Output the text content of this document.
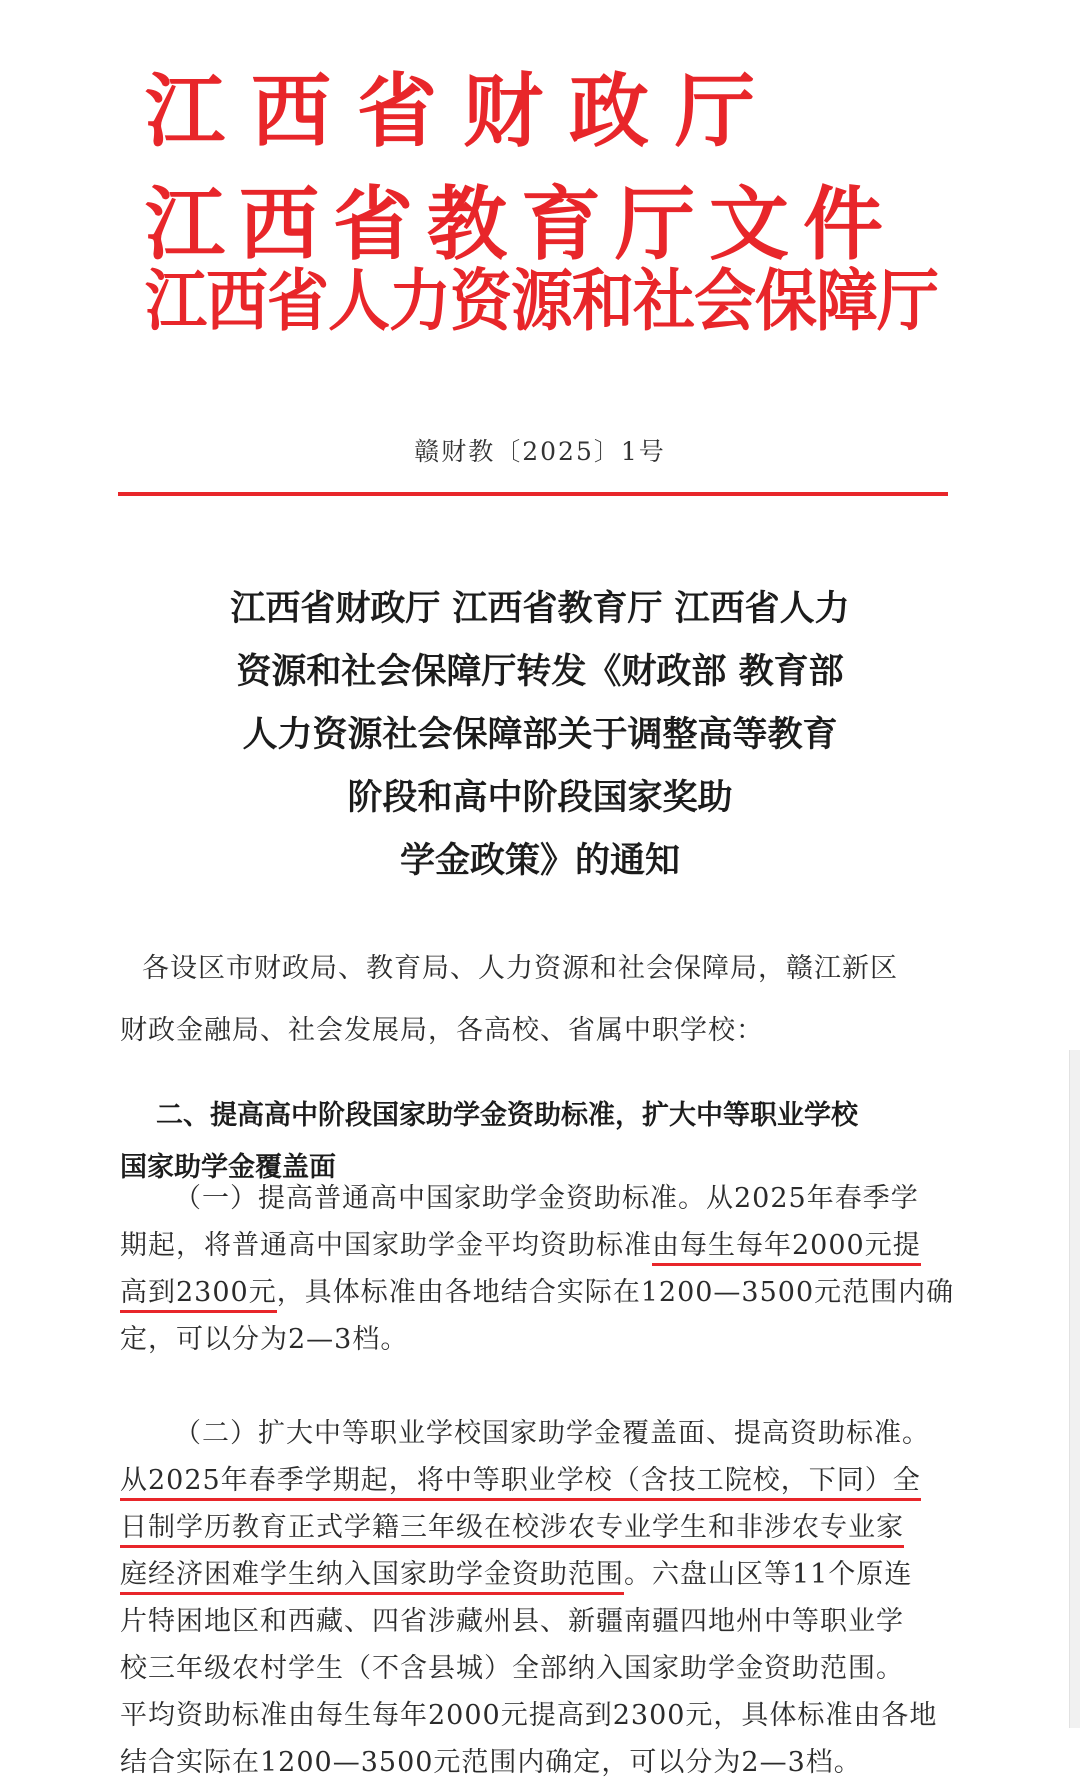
江西省财政厅
江西省教育厅文件
江西省人力资源和社会保障厅
赣财教〔2025〕1号
江西省财政厅 江西省教育厅 江西省人力
资源和社会保障厅转发《财政部 教育部
人力资源社会保障部关于调整高等教育
阶段和高中阶段国家奖助
学金政策》的通知
各设区市财政局、教育局、人力资源和社会保障局，赣江新区
财政金融局、社会发展局，各高校、省属中职学校：
二、提高高中阶段国家助学金资助标准，扩大中等职业学校
国家助学金覆盖面
（一）提高普通高中国家助学金资助标准。从2025年春季学
期起，将普通高中国家助学金平均资助标准由每生每年2000元提
高到2300元，具体标准由各地结合实际在1200—3500元范围内确
定，可以分为2—3档。
（二）扩大中等职业学校国家助学金覆盖面、提高资助标准。
从2025年春季学期起，将中等职业学校（含技工院校，下同）全
日制学历教育正式学籍三年级在校涉农专业学生和非涉农专业家
庭经济困难学生纳入国家助学金资助范围。六盘山区等11个原连
片特困地区和西藏、四省涉藏州县、新疆南疆四地州中等职业学
校三年级农村学生（不含县城）全部纳入国家助学金资助范围。
平均资助标准由每生每年2000元提高到2300元，具体标准由各地
结合实际在1200—3500元范围内确定，可以分为2—3档。
